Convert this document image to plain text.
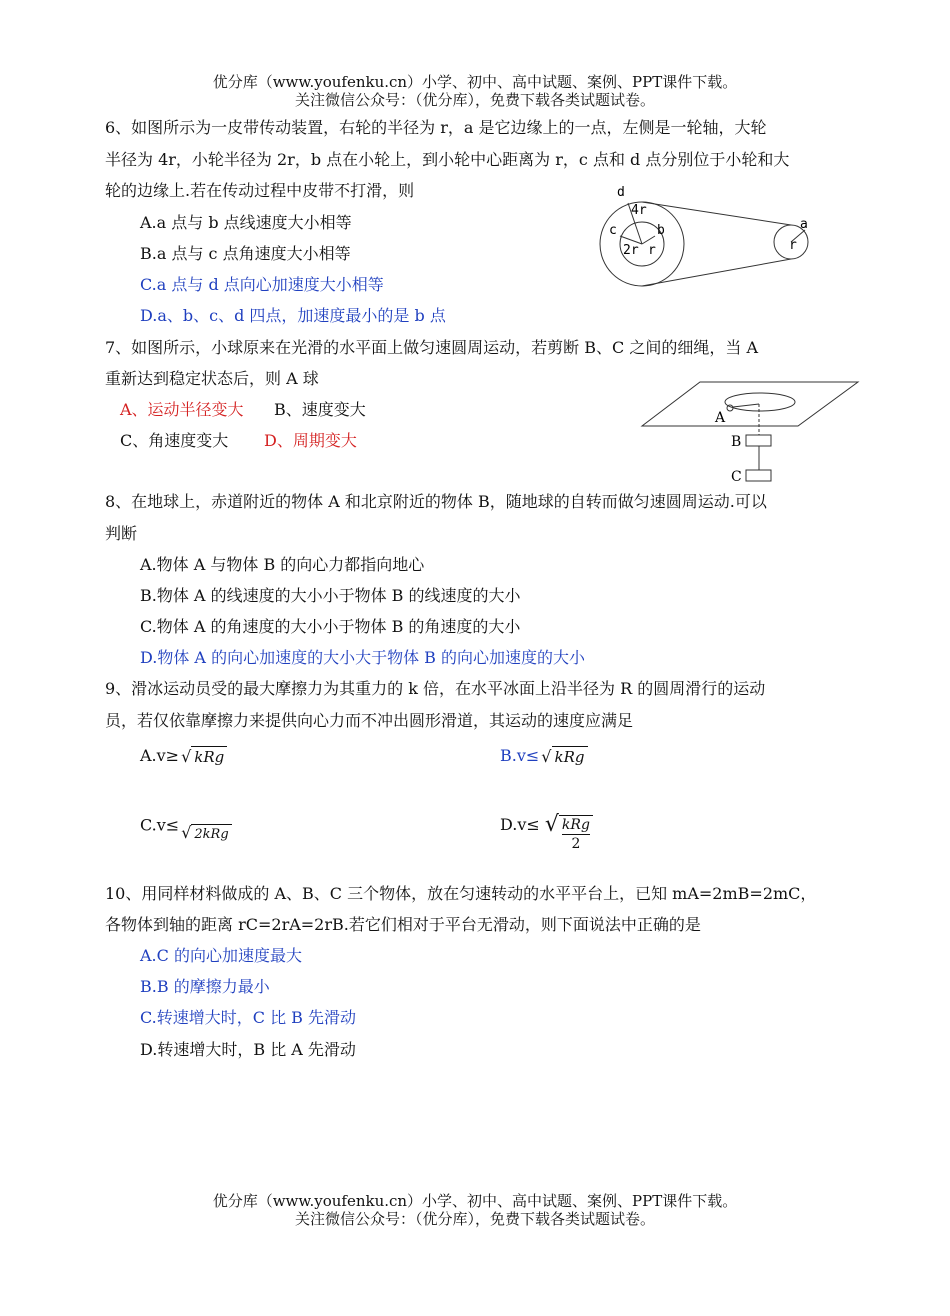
优分库（www.youfenku.cn）小学、初中、高中试题、案例、PPT课件下载。
关注微信公众号：（优分库），免费下载各类试题试卷。
6、如图所示为一皮带传动装置，右轮的半径为 r，a 是它边缘上的一点，左侧是一轮轴，大轮
半径为 4r，小轮半径为 2r，b 点在小轮上，到小轮中心距离为 r，c 点和 d 点分别位于小轮和大
轮的边缘上.若在传动过程中皮带不打滑，则
A.a 点与 b 点线速度大小相等
B.a 点与 c 点角速度大小相等
C.a 点与 d 点向心加速度大小相等
D.a、b、c、d 四点，加速度最小的是 b 点
d
c	b	a
4r
2r r	r
7、如图所示，小球原来在光滑的水平面上做匀速圆周运动，若剪断 B、C 之间的细绳，当 A
重新达到稳定状态后，则 A 球
A、运动半径变大 B、速度变大
C、角速度变大 D、周期变大
A
B
C
8、在地球上，赤道附近的物体 A 和北京附近的物体 B，随地球的自转而做匀速圆周运动.可以
判断
A.物体 A 与物体 B 的向心力都指向地心
B.物体 A 的线速度的大小小于物体 B 的线速度的大小
C.物体 A 的角速度的大小小于物体 B 的角速度的大小
D.物体 A 的向心加速度的大小大于物体 B 的向心加速度的大小
9、滑冰运动员受的最大摩擦力为其重力的 k 倍，在水平冰面上沿半径为 R 的圆周滑行的运动
员，若仅依靠摩擦力来提供向心力而不冲出圆形滑道，其运动的速度应满足
A.v≥ √ kRg	B.v≤ √ kRg
C.v≤ √ 2kRg
D.v≤ √ kRg
2
10、用同样材料做成的 A、B、C 三个物体，放在匀速转动的水平平台上，已知 mA=2mB=2mC，
各物体到轴的距离 rC=2rA=2rB.若它们相对于平台无滑动，则下面说法中正确的是
A.C 的向心加速度最大
B.B 的摩擦力最小
C.转速增大时，C 比 B 先滑动
D.转速增大时，B 比 A 先滑动
优分库（www.youfenku.cn）小学、初中、高中试题、案例、PPT课件下载。
关注微信公众号：（优分库），免费下载各类试题试卷。
